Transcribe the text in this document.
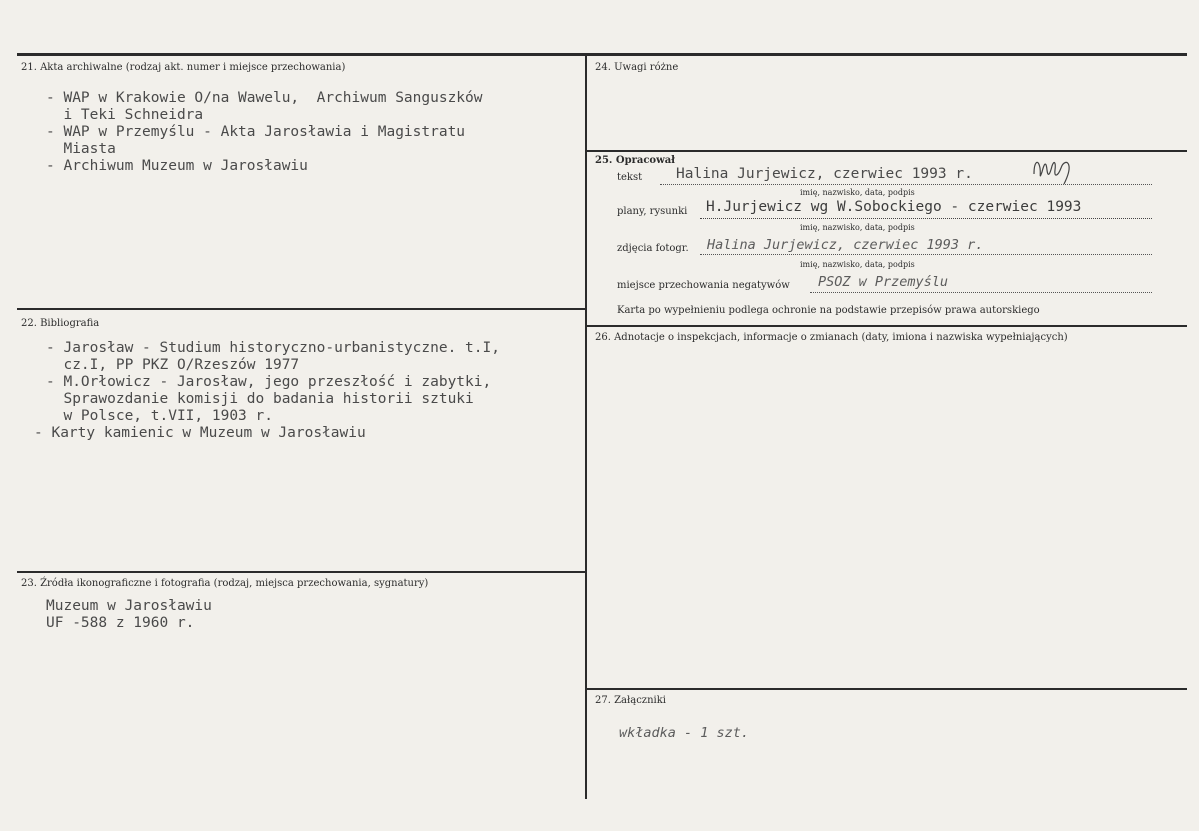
21. Akta archiwalne (rodzaj akt. numer i miejsce przechowania)
- WAP w Krakowie O/na Wawelu,  Archiwum Sanguszków
i Teki Schneidra
- WAP w Przemyślu - Akta Jarosławia i Magistratu
Miasta
- Archiwum Muzeum w Jarosławiu
22. Bibliografia
- Jarosław - Studium historyczno-urbanistyczne. t.I,
cz.I, PP PKZ O/Rzeszów 1977
- M.Orłowicz - Jarosław, jego przeszłość i zabytki,
Sprawozdanie komisji do badania historii sztuki
w Polsce, t.VII, 1903 r.
- Karty kamienic w Muzeum w Jarosławiu
23. Źródła ikonograficzne i fotografia (rodzaj, miejsca przechowania, sygnatury)
Muzeum w Jarosławiu
UF -588 z 1960 r.
24. Uwagi różne
25. Opracował
tekst Halina Jurjewicz, czerwiec 1993 r.
imię, nazwisko, data, podpis
plany, rysunki H.Jurjewicz wg W.Sobockiego - czerwiec 1993
imię, nazwisko, data, podpis
zdjęcia fotogr. Halina Jurjewicz, czerwiec 1993 r.
imię, nazwisko, data, podpis
miejsce przechowania negatywów PSOZ w Przemyślu
Karta po wypełnieniu podlega ochronie na podstawie przepisów prawa autorskiego
26. Adnotacje o inspekcjach, informacje o zmianach (daty, imiona i nazwiska wypełniających)
27. Załączniki
wkładka - 1 szt.
